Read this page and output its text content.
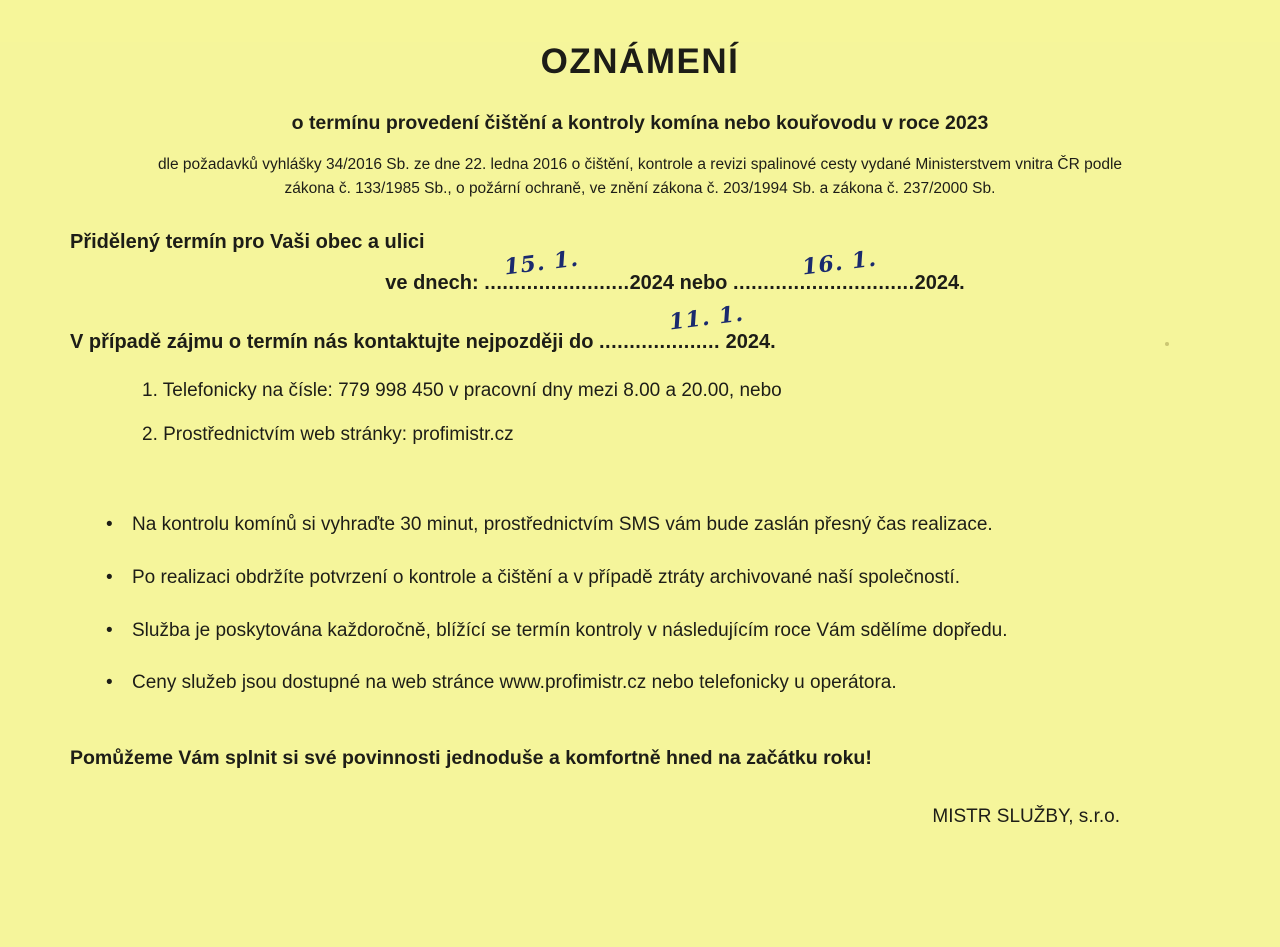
OZNÁMENÍ
o termínu provedení čištění a kontroly komína nebo kouřovodu v roce 2023
dle požadavků vyhlášky 34/2016 Sb. ze dne 22. ledna 2016 o čištění, kontrole a revizi spalinové cesty vydané Ministerstvem vnitra ČR podle
zákona č. 133/1985 Sb., o požární ochraně, ve znění zákona č. 203/1994 Sb. a zákona č. 237/2000 Sb.
Přidělený termín pro Vaši obec a ulici
ve dnech: ........................2024 nebo ..............................2024.
15. 1.	16. 1.
V případě zájmu o termín nás kontaktujte nejpozději do .................... 2024.
11. 1.
1. Telefonicky na čísle: 779 998 450 v pracovní dny mezi 8.00 a 20.00, nebo
2. Prostřednictvím web stránky: profimistr.cz
• Na kontrolu komínů si vyhraďte 30 minut, prostřednictvím SMS vám bude zaslán přesný čas realizace.
• Po realizaci obdržíte potvrzení o kontrole a čištění a v případě ztráty archivované naší společností.
• Služba je poskytována každoročně, blížící se termín kontroly v následujícím roce Vám sdělíme dopředu.
• Ceny služeb jsou dostupné na web stránce www.profimistr.cz nebo telefonicky u operátora.
Pomůžeme Vám splnit si své povinnosti jednoduše a komfortně hned na začátku roku!
MISTR SLUŽBY, s.r.o.
